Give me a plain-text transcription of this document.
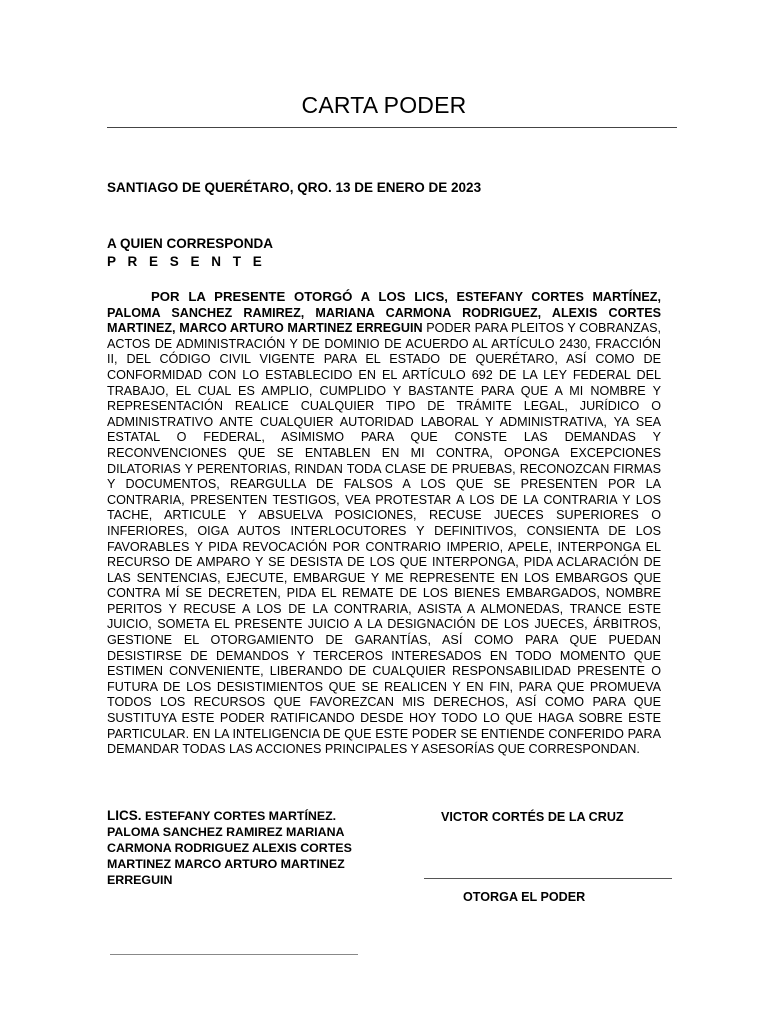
CARTA PODER

SANTIAGO DE QUERÉTARO, QRO. 13 DE ENERO DE 2023

A QUIEN CORRESPONDA
P R E S E N T E

POR LA PRESENTE OTORGÓ A LOS LICS, ESTEFANY CORTES MARTÍNEZ, PALOMA SANCHEZ RAMIREZ, MARIANA CARMONA RODRIGUEZ, ALEXIS CORTES MARTINEZ, MARCO ARTURO MARTINEZ ERREGUIN PODER PARA PLEITOS Y COBRANZAS, ACTOS DE ADMINISTRACIÓN Y DE DOMINIO DE ACUERDO AL ARTÍCULO 2430, FRACCIÓN II, DEL CÓDIGO CIVIL VIGENTE PARA EL ESTADO DE QUERÉTARO, ASÍ COMO DE CONFORMIDAD CON LO ESTABLECIDO EN EL ARTÍCULO 692 DE LA LEY FEDERAL DEL TRABAJO, EL CUAL ES AMPLIO, CUMPLIDO Y BASTANTE PARA QUE A MI NOMBRE Y REPRESENTACIÓN REALICE CUALQUIER TIPO DE TRÁMITE LEGAL, JURÍDICO O ADMINISTRATIVO ANTE CUALQUIER AUTORIDAD LABORAL Y ADMINISTRATIVA, YA SEA ESTATAL O FEDERAL, ASIMISMO PARA QUE CONSTE LAS DEMANDAS Y RECONVENCIONES QUE SE ENTABLEN EN MI CONTRA, OPONGA EXCEPCIONES DILATORIAS Y PERENTORIAS, RINDAN TODA CLASE DE PRUEBAS, RECONOZCAN FIRMAS Y DOCUMENTOS, REARGULLA DE FALSOS A LOS QUE SE PRESENTEN POR LA CONTRARIA, PRESENTEN TESTIGOS, VEA PROTESTAR A LOS DE LA CONTRARIA Y LOS TACHE, ARTICULE Y ABSUELVA POSICIONES, RECUSE JUECES SUPERIORES O INFERIORES, OIGA AUTOS INTERLOCUTORES Y DEFINITIVOS, CONSIENTA DE LOS FAVORABLES Y PIDA REVOCACIÓN POR CONTRARIO IMPERIO, APELE, INTERPONGA EL RECURSO DE AMPARO Y SE DESISTA DE LOS QUE INTERPONGA, PIDA ACLARACIÓN DE LAS SENTENCIAS, EJECUTE, EMBARGUE Y ME REPRESENTE EN LOS EMBARGOS QUE CONTRA MÍ SE DECRETEN, PIDA EL REMATE DE LOS BIENES EMBARGADOS, NOMBRE PERITOS Y RECUSE A LOS DE LA CONTRARIA, ASISTA A ALMONEDAS, TRANCE ESTE JUICIO, SOMETA EL PRESENTE JUICIO A LA DESIGNACIÓN DE LOS JUECES, ÁRBITROS, GESTIONE EL OTORGAMIENTO DE GARANTÍAS, ASÍ COMO PARA QUE PUEDAN DESISTIRSE DE DEMANDOS Y TERCEROS INTERESADOS EN TODO MOMENTO QUE ESTIMEN CONVENIENTE, LIBERANDO DE CUALQUIER RESPONSABILIDAD PRESENTE O FUTURA DE LOS DESISTIMIENTOS QUE SE REALICEN Y EN FIN, PARA QUE PROMUEVA TODOS LOS RECURSOS QUE FAVOREZCAN MIS DERECHOS, ASÍ COMO PARA QUE SUSTITUYA ESTE PODER RATIFICANDO DESDE HOY TODO LO QUE HAGA SOBRE ESTE PARTICULAR. EN LA INTELIGENCIA DE QUE ESTE PODER SE ENTIENDE CONFERIDO PARA DEMANDAR TODAS LAS ACCIONES PRINCIPALES Y ASESORÍAS QUE CORRESPONDAN.

LICS. ESTEFANY CORTES MARTÍNEZ. PALOMA SANCHEZ RAMIREZ MARIANA CARMONA RODRIGUEZ ALEXIS CORTES MARTINEZ MARCO ARTURO MARTINEZ ERREGUIN

VICTOR CORTÉS DE LA CRUZ

OTORGA EL PODER
